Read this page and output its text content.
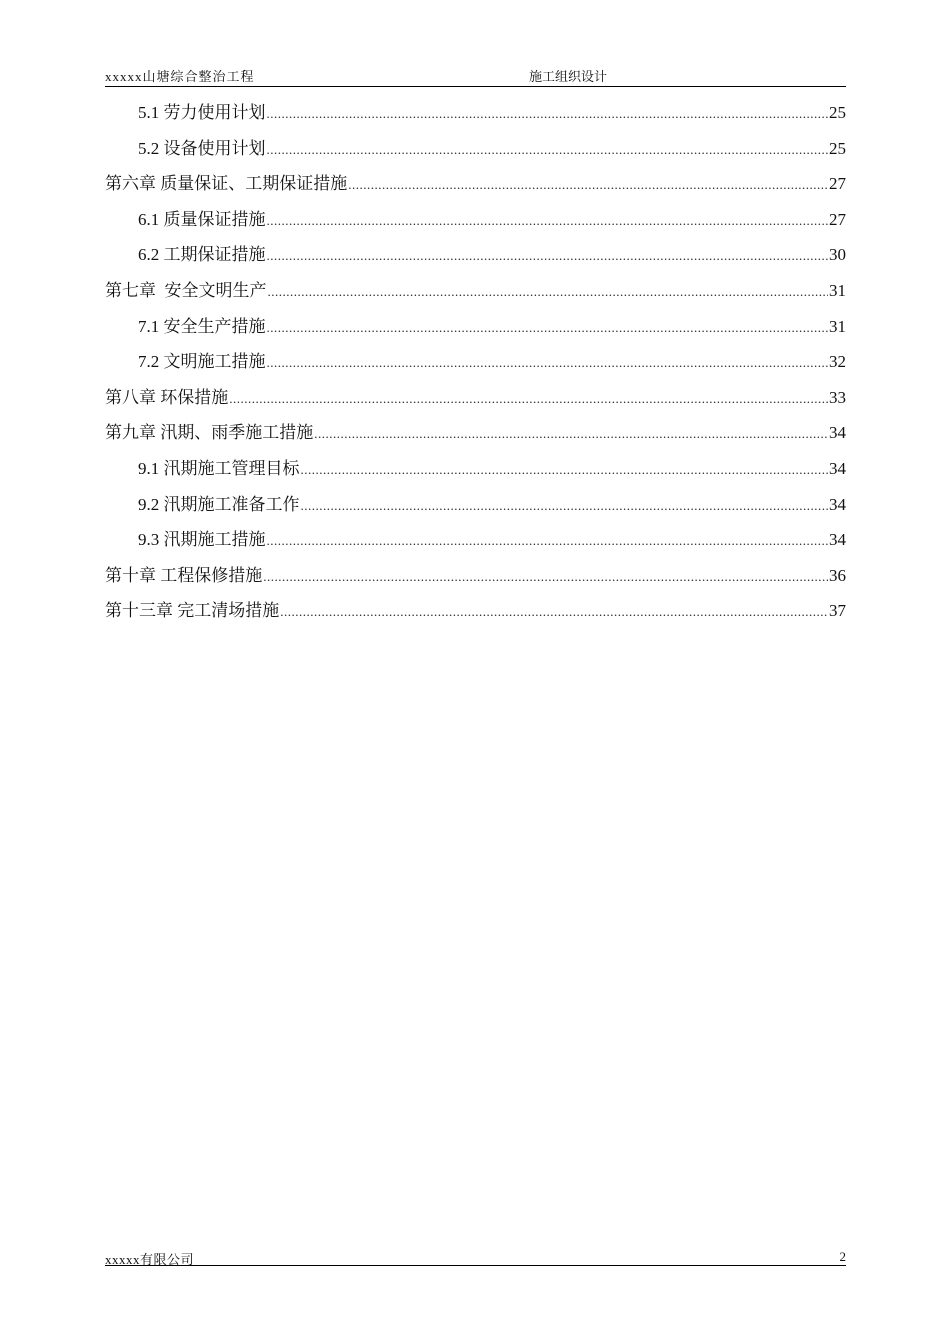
xxxxx山塘综合整治工程	施工组织设计
5.1 劳力使用计划 .....	25
5.2 设备使用计划 .....	25
第六章 质量保证、工期保证措施 .....	27
6.1 质量保证措施 .....	27
6.2 工期保证措施 .....	30
第七章  安全文明生产 .....	31
7.1 安全生产措施 .....	31
7.2 文明施工措施 .....	32
第八章 环保措施 .....	33
第九章 汛期、雨季施工措施 .....	34
9.1 汛期施工管理目标 .....	34
9.2 汛期施工准备工作 .....	34
9.3 汛期施工措施 .....	34
第十章 工程保修措施 .....	36
第十三章 完工清场措施 .....	37
xxxxx有限公司	2
